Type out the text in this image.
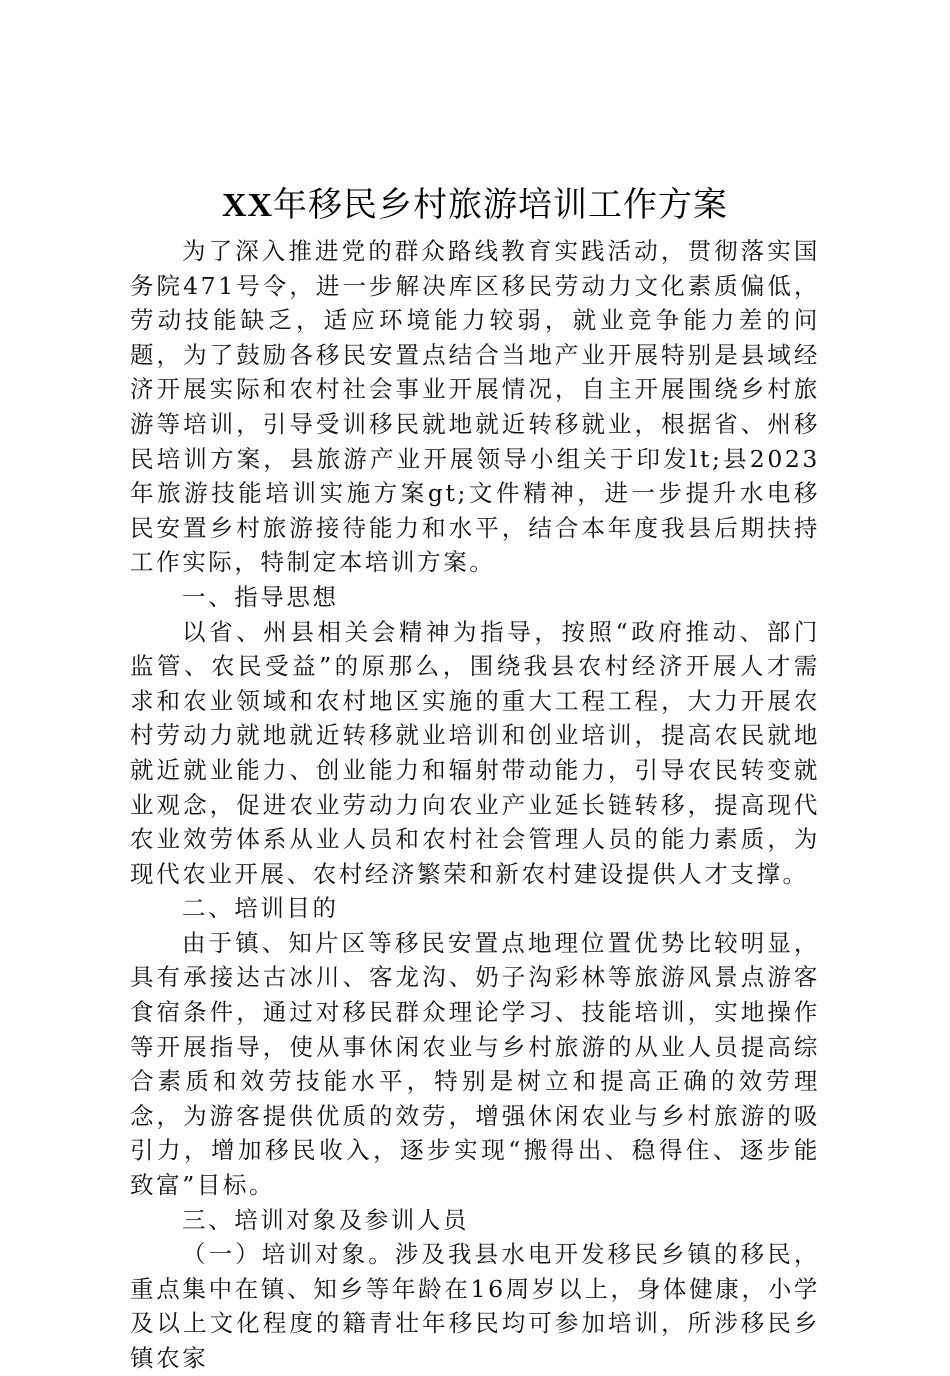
XX年移民乡村旅游培训工作方案

为了深入推进党的群众路线教育实践活动，贯彻落实国务院471号令，进一步解决库区移民劳动力文化素质偏低，劳动技能缺乏，适应环境能力较弱，就业竞争能力差的问题，为了鼓励各移民安置点结合当地产业开展特别是县域经济开展实际和农村社会事业开展情况，自主开展围绕乡村旅游等培训，引导受训移民就地就近转移就业，根据省、州移民培训方案，县旅游产业开展领导小组关于印发lt;县2023年旅游技能培训实施方案gt;文件精神，进一步提升水电移民安置乡村旅游接待能力和水平，结合本年度我县后期扶持工作实际，特制定本培训方案。

一、指导思想

以省、州县相关会精神为指导，按照“政府推动、部门监管、农民受益”的原那么，围绕我县农村经济开展人才需求和农业领域和农村地区实施的重大工程工程，大力开展农村劳动力就地就近转移就业培训和创业培训，提高农民就地就近就业能力、创业能力和辐射带动能力，引导农民转变就业观念，促进农业劳动力向农业产业延长链转移，提高现代农业效劳体系从业人员和农村社会管理人员的能力素质，为现代农业开展、农村经济繁荣和新农村建设提供人才支撑。

二、培训目的

由于镇、知片区等移民安置点地理位置优势比较明显，具有承接达古冰川、客龙沟、奶子沟彩林等旅游风景点游客食宿条件，通过对移民群众理论学习、技能培训，实地操作等开展指导，使从事休闲农业与乡村旅游的从业人员提高综合素质和效劳技能水平，特别是树立和提高正确的效劳理念，为游客提供优质的效劳，增强休闲农业与乡村旅游的吸引力，增加移民收入，逐步实现“搬得出、稳得住、逐步能致富”目标。

三、培训对象及参训人员

（一）培训对象。涉及我县水电开发移民乡镇的移民，重点集中在镇、知乡等年龄在16周岁以上，身体健康，小学及以上文化程度的籍青壮年移民均可参加培训，所涉移民乡镇农家
